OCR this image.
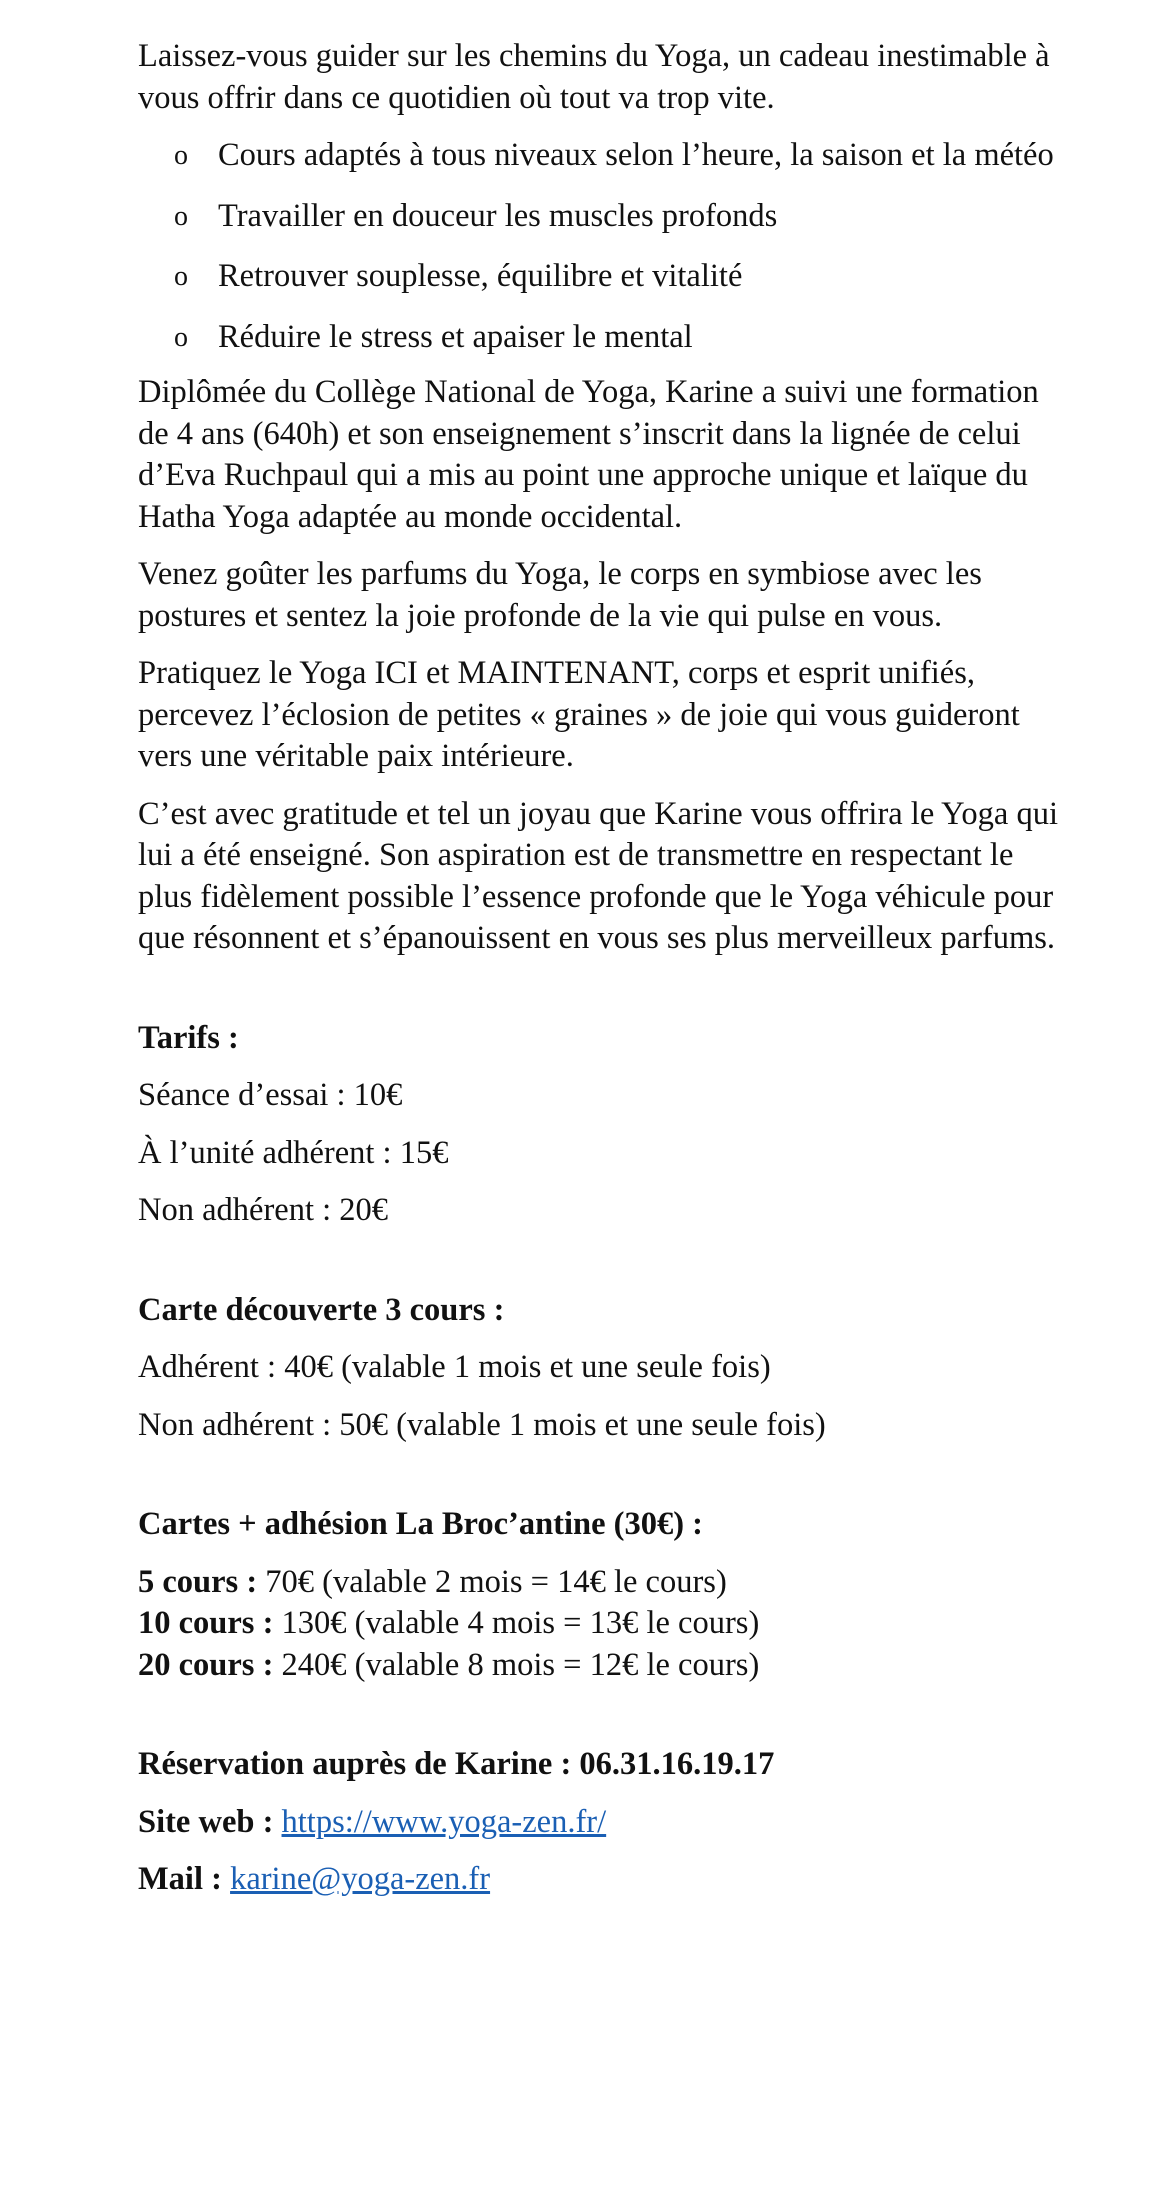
Laissez-vous guider sur les chemins du Yoga, un cadeau inestimable à vous offrir dans ce quotidien où tout va trop vite.

o Cours adaptés à tous niveaux selon l’heure, la saison et la météo
o Travailler en douceur les muscles profonds
o Retrouver souplesse, équilibre et vitalité
o Réduire le stress et apaiser le mental

Diplômée du Collège National de Yoga, Karine a suivi une formation de 4 ans (640h) et son enseignement s’inscrit dans la lignée de celui d’Eva Ruchpaul qui a mis au point une approche unique et laïque du Hatha Yoga adaptée au monde occidental.

Venez goûter les parfums du Yoga, le corps en symbiose avec les postures et sentez la joie profonde de la vie qui pulse en vous.

Pratiquez le Yoga ICI et MAINTENANT, corps et esprit unifiés, percevez l’éclosion de petites « graines » de joie qui vous guideront vers une véritable paix intérieure.

C’est avec gratitude et tel un joyau que Karine vous offrira le Yoga qui lui a été enseigné. Son aspiration est de transmettre en respectant le plus fidèlement possible l’essence profonde que le Yoga véhicule pour que résonnent et s’épanouissent en vous ses plus merveilleux parfums.

Tarifs :

Séance d’essai : 10€

À l’unité adhérent : 15€

Non adhérent : 20€

Carte découverte 3 cours :

Adhérent : 40€ (valable 1 mois et une seule fois)

Non adhérent : 50€ (valable 1 mois et une seule fois)

Cartes + adhésion La Broc’antine (30€) :

5 cours : 70€ (valable 2 mois = 14€ le cours)

10 cours : 130€ (valable 4 mois = 13€ le cours)

20 cours : 240€ (valable 8 mois = 12€ le cours)

Réservation auprès de Karine : 06.31.16.19.17

Site web : https://www.yoga-zen.fr/

Mail : karine@yoga-zen.fr
